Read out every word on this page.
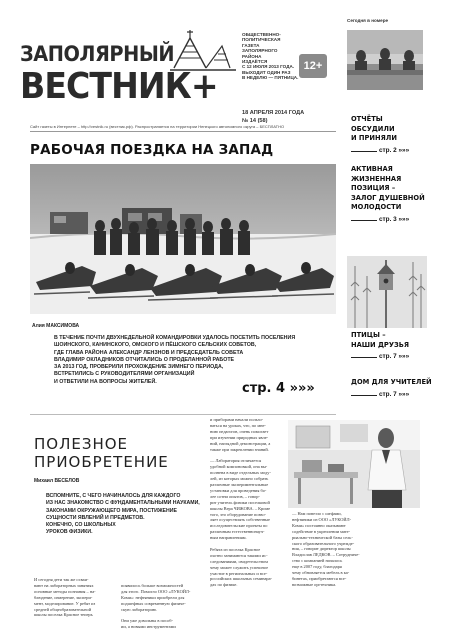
ЗАПОЛЯРНЫЙ
ВЕСТНИК+
ОБЩЕСТВЕННО-
ПОЛИТИЧЕСКАЯ
ГАЗЕТА
ЗАПОЛЯРНОГО
РАЙОНА
ИЗДАЁТСЯ
С 12 ИЮЛЯ 2013 ГОДА.
ВЫХОДИТ ОДИН РАЗ
В НЕДЕЛЮ — ПЯТНИЦА.
12+
18 АПРЕЛЯ 2014 ГОДА
№ 14 (58)
Сайт газеты в Интернете – http://vestnik.ru (вестник.рф). Распространяется на территории Ненецкого автономного округа – БЕСПЛАТНО
РАБОЧАЯ ПОЕЗДКА НА ЗАПАД
Алия МАКСИМОВА
В ТЕЧЕНИЕ ПОЧТИ ДВУХНЕДЕЛЬНОЙ КОМАНДИРОВКИ УДАЛОСЬ ПОСЕТИТЬ ПОСЕЛЕНИЯ
ШОИНСКОГО, КАНИНСКОГО, ОМСКОГО И ПЁШСКОГО СЕЛЬСКИХ СОВЕТОВ,
ГДЕ ГЛАВА РАЙОНА АЛЕКСАНДР ЛЕНЗНОВ И ПРЕДСЕДАТЕЛЬ СОВЕТА
ВЛАДИМИР ОКЛАДНИКОВ ОТЧИТАЛИСЬ О ПРОДЕЛАННОЙ РАБОТЕ
ЗА 2013 ГОД, ПРОВЕРИЛИ ПРОХОЖДЕНИЕ ЗИМНЕГО ПЕРИОДА,
ВСТРЕТИЛИСЬ С РУКОВОДИТЕЛЯМИ ОРГАНИЗАЦИЙ
И ОТВЕТИЛИ НА ВОПРОСЫ ЖИТЕЛЕЙ.	стр. 4 »»»
ПОЛЕЗНОЕ
ПРИОБРЕТЕНИЕ
Михаил ВЕСЕЛОВ
ВСПОМНИТЕ, С ЧЕГО НАЧИНАЛОСЬ ДЛЯ КАЖДОГО
ИЗ НАС ЗНАКОМСТВО С ФУНДАМЕНТАЛЬНЫМИ НАУКАМИ,
ЗАКОНАМИ ОКРУЖАЮЩЕГО МИРА, ПОСТИЖЕНИЕ
СУЩНОСТИ ЯВЛЕНИЙ И ПРЕДМЕТОВ.
КОНЕЧНО, СО ШКОЛЬНЫХ
УРОКОВ ФИЗИКИ.
И сегодня дети так же осваи-
вают на лабораторных занятиях
основные методы познания – на-
блюдение, измерение, экспери-
мент, моделирование. У ребят из
средней общеобразовательной
школы поселка Красное теперь
появилось больше возможностей
для этого. Помогло ООО «ЛУКОЙЛ-
Коми»: нефтяники приобрели для
подшефных современную физиче-
скую лабораторию.

Они уже довольны в пособ-
ии, а новыми инструментами
и приборами начали пользо-
ваться на уроках, что, по мне-
нию педагогов, очень помогает
при изучении природных явле-
ний, наглядной демонстрации, а
также при закреплении знаний.

— Лаборатория отличается
удобной компоновкой, она вы-
полнена в виде отдельных моду-
лей, из которых можно собрать
различные экспериментальные
установки для проведения бо-
лее сотни опытов, – говор-
рит учитель физики поселковой
школы Вера ЧИЖОВА. – Кроме
того, это оборудование позво-
ляет осуществлять собственные
исследовательские проекты по
различным естественнонауч-
ным направлениям.

Ребята из поселка Красное
охотно занимаются такими ис-
следованиями, свидетельством
чему может служить успешное
участие в региональных и все-
российских школьных семинара-
дах по физике.
— Нам повезло с шефами,
нефтяники из ООО «ЛУКОЙЛ-
Коми» постоянно оказывают
содействие в укреплении мате-
риально-технической базы сель-
ского образовательного учрежде-
ния, – говорит директор школы
Владислав ЛЕДКОВ. – Сотрудниче-
ство с компанией началось
еще в 2007 году, благодаря
чему обновляется мебель в ка-
бинетах, приобретаются все-
возможные оргтехника.
Сегодня в номере
ОТЧЁТЫ
ОБСУДИЛИ
И ПРИНЯЛИ
стр. 2 »»»
АКТИВНАЯ
ЖИЗНЕННАЯ
ПОЗИЦИЯ –
ЗАЛОГ ДУШЕВНОЙ
МОЛОДОСТИ
стр. 3 »»»
ПТИЦЫ –
НАШИ ДРУЗЬЯ
стр. 7 »»»
ДОМ ДЛЯ УЧИТЕЛЕЙ
стр. 7 »»»
